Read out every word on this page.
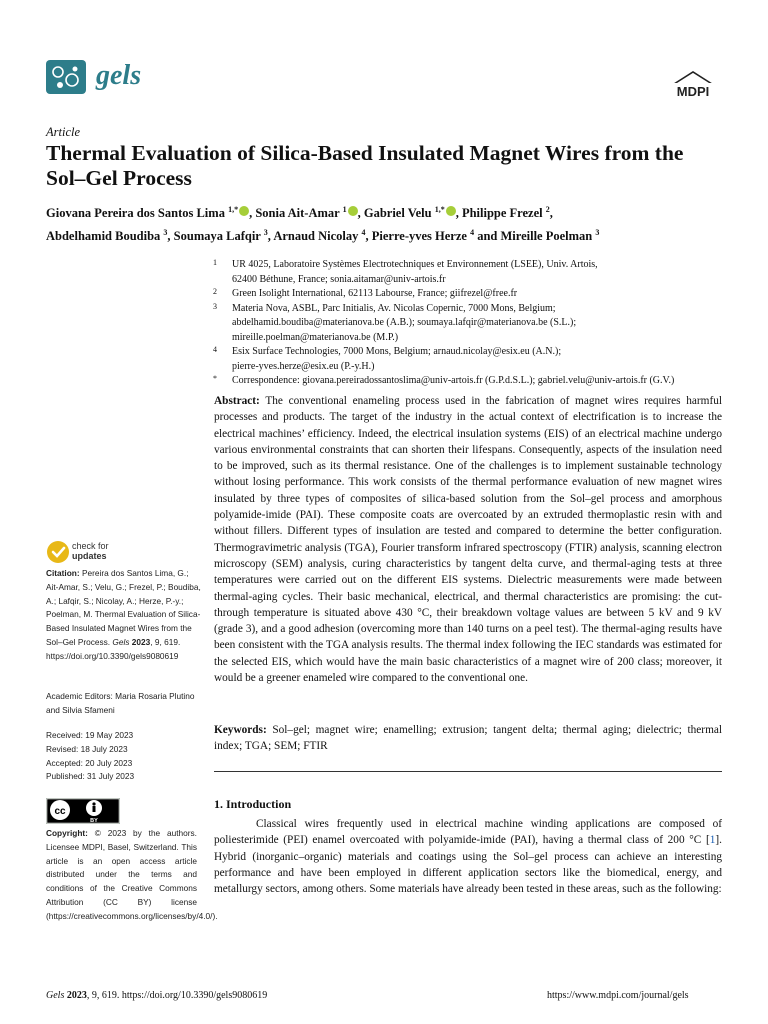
gels
MDPI
Article
Thermal Evaluation of Silica-Based Insulated Magnet Wires from the Sol–Gel Process
Giovana Pereira dos Santos Lima $^{1,*}$ , Sonia Ait-Amar $^1$ , Gabriel Velu $^{1,*}$ , Philippe Frezel $^2$,
Abdelhamid Boudiba $^3$, Soumaya Lafqir $^3$, Arnaud Nicolay $^4$, Pierre-yves Herze $^4$ and Mireille Poelman $^3$
1 UR 4025, Laboratoire Systèmes Electrotechniques et Environnement (LSEE), Univ. Artois,
62400 Béthune, France; sonia.aitamar@univ-artois.fr
2 Green Isolight International, 62113 Labourse, France; giifrezel@free.fr
3 Materia Nova, ASBL, Parc Initialis, Av. Nicolas Copernic, 7000 Mons, Belgium;
abdelhamid.boudiba@materianova.be (A.B.); soumaya.lafqir@materianova.be (S.L.);
mireille.poelman@materianova.be (M.P.)
4 Esix Surface Technologies, 7000 Mons, Belgium; arnaud.nicolay@esix.eu (A.N.);
pierre-yves.herze@esix.eu (P.-y.H.)
* Correspondence: giovana.pereiradossantoslima@univ-artois.fr (G.P.d.S.L.); gabriel.velu@univ-artois.fr (G.V.)
Abstract: The conventional enameling process used in the fabrication of magnet wires requires harmful processes and products. The target of the industry in the actual context of electrification is to increase the electrical machines’ efficiency. Indeed, the electrical insulation systems (EIS) of an electrical machine undergo various environmental constraints that can shorten their lifespans. Consequently, aspects of the insulation need to be improved, such as its thermal resistance. One of the challenges is to implement sustainable technology without losing performance. This work consists of the thermal performance evaluation of new magnet wires insulated by three types of composites of silica-based solution from the Sol–gel process and amorphous polyamide-imide (PAI). These composite coats are overcoated by an extruded thermoplastic resin with and without fillers. Different types of insulation are tested and compared to determine the better configuration. Thermogravimetric analysis (TGA), Fourier transform infrared spectroscopy (FTIR) analysis, scanning electron microscopy (SEM) analysis, curing characteristics by tangent delta curve, and thermal-aging tests at three temperatures were carried out on the different EIS systems. Dielectric measurements were made between thermal-aging cycles. Their basic mechanical, electrical, and thermal characteristics are promising: the cut-through temperature is situated above 430 °C, their breakdown voltage values are between 5 kV and 9 kV (grade 3), and a good adhesion (overcoming more than 140 turns on a peel test). The thermal-aging results have been consistent with the TGA analysis results. The thermal index following the IEC standards was estimated for the selected EIS, which would have the main basic characteristics of a magnet wire of 200 class; moreover, it would be a greener enameled wire compared to the conventional one.
Keywords: Sol–gel; magnet wire; enamelling; extrusion; tangent delta; thermal aging; dielectric; thermal index; TGA; SEM; FTIR
1. Introduction
Classical wires frequently used in electrical machine winding applications are composed of poliesterimide (PEI) enamel overcoated with polyamide-imide (PAI), having a thermal class of 200 °C [1]. Hybrid (inorganic–organic) materials and coatings using the Sol–gel process can achieve an interesting performance and have been employed in different application sectors like the biomedical, energy, and metallurgy sectors, among others. Some materials have already been tested in these areas, such as the following:
check for
updates
Citation: Pereira dos Santos Lima, G.; Ait-Amar, S.; Velu, G.; Frezel, P.; Boudiba, A.; Lafqir, S.; Nicolay, A.; Herze, P.-y.; Poelman, M. Thermal Evaluation of Silica-Based Insulated Magnet Wires from the Sol–Gel Process. Gels 2023, 9, 619. https://doi.org/10.3390/gels9080619
Academic Editors: Maria Rosaria Plutino and Silvia Sfameni
Received: 19 May 2023
Revised: 18 July 2023
Accepted: 20 July 2023
Published: 31 July 2023
cc
BY
Copyright: © 2023 by the authors. Licensee MDPI, Basel, Switzerland. This article is an open access article distributed under the terms and conditions of the Creative Commons Attribution (CC BY) license (https://creativecommons.org/licenses/by/4.0/).
Gels 2023, 9, 619. https://doi.org/10.3390/gels9080619	https://www.mdpi.com/journal/gels
